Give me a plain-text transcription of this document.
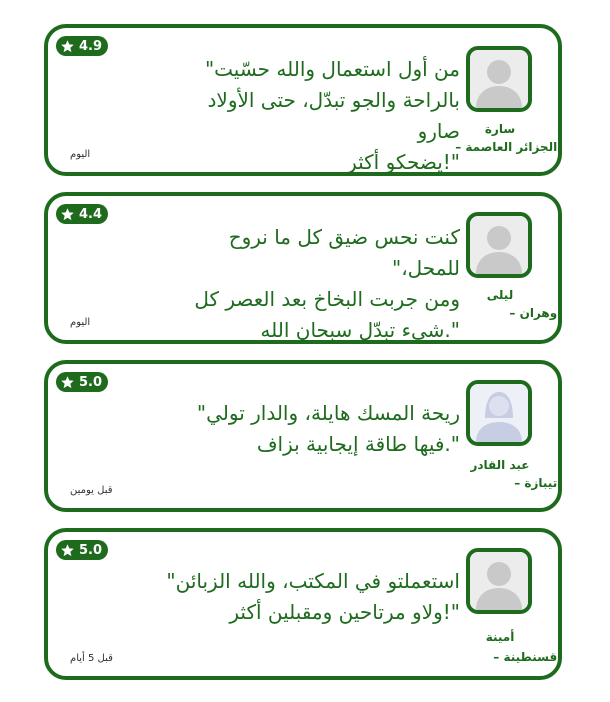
4.9
من أول استعمال والله حسّيت"
بالراحة والجو تبدّل، حتى الأولاد صارو
"!يضحكو أكثر
سارة
:الجزائر العاصمة –
اليوم
4.4
كنت نحس ضيق كل ما نروح للمحل،"
ومن جربت البخاخ بعد العصر كل
".شيء تبدّل سبحان الله
ليلى
:وهران –
اليوم
5.0
ريحة المسك هايلة، والدار تولي"
".فيها طاقة إيجابية بزاف
عبد القادر
:تيبازة –
قبل يومين
5.0
استعملتو في المكتب، والله الزبائن"
"!ولاو مرتاحين ومقبلين أكثر
أمينة
:قسنطينة –
قبل 5 أيام
